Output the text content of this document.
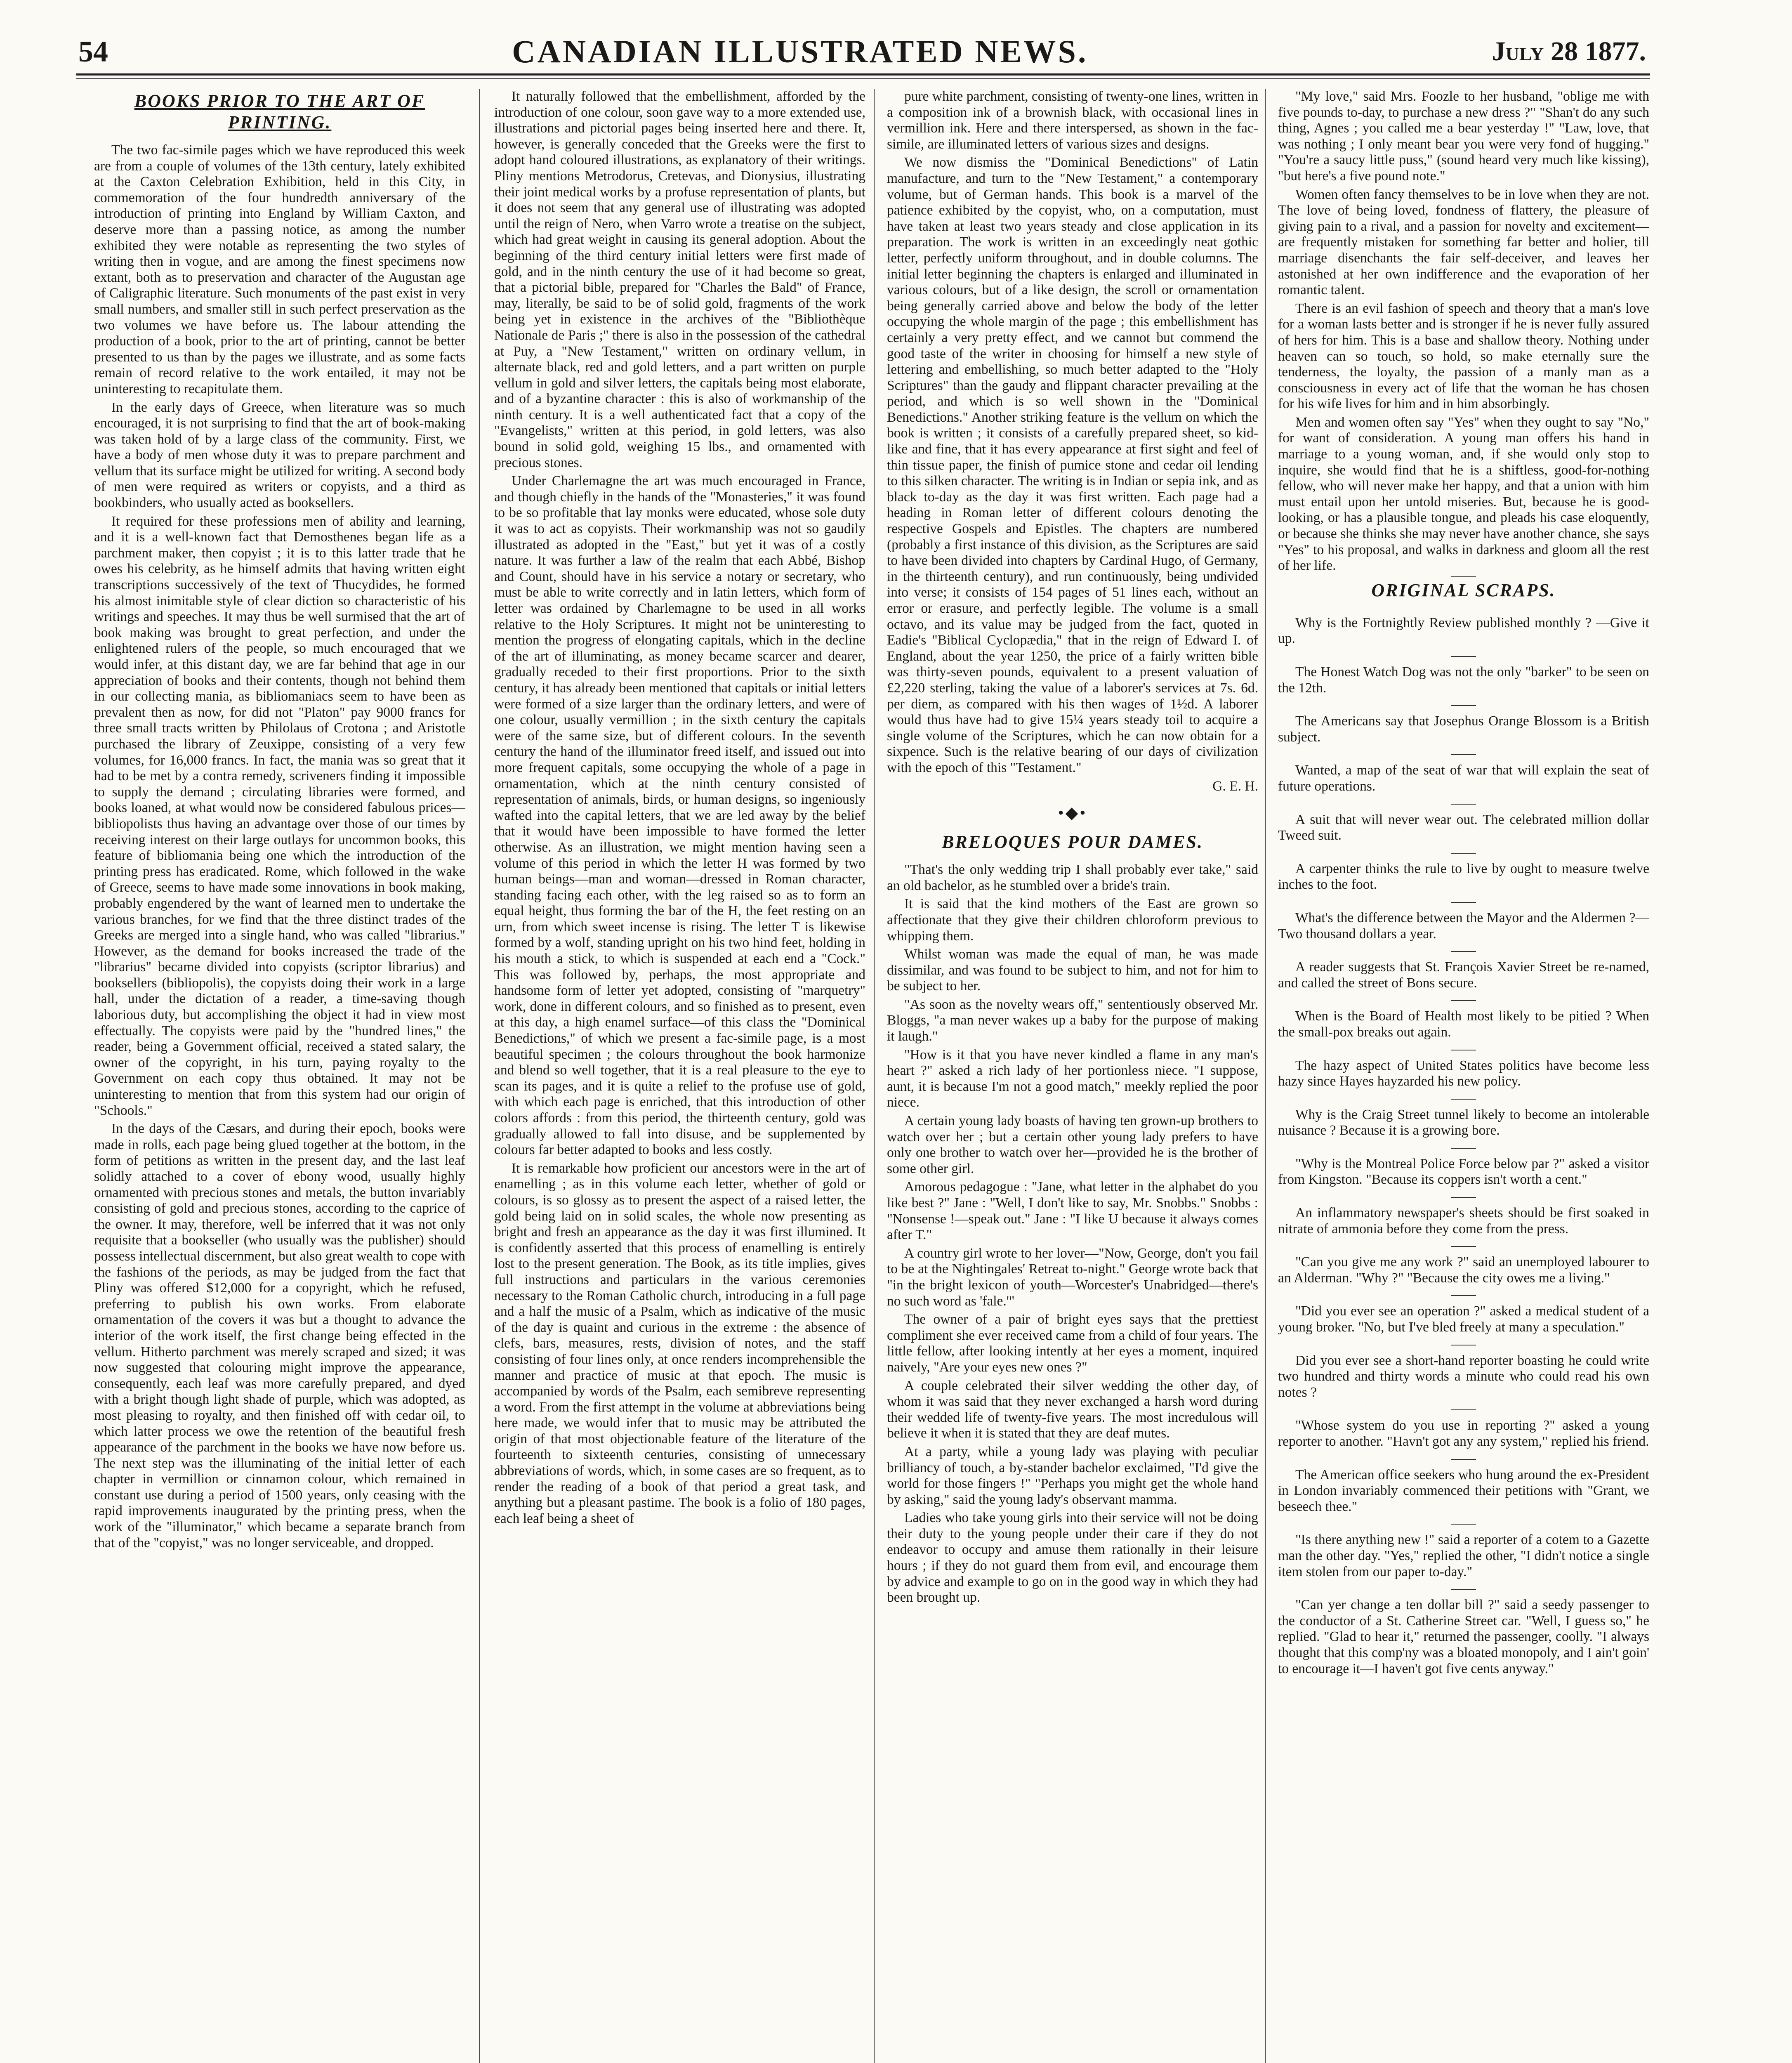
54	CANADIAN ILLUSTRATED NEWS.	July 28 1877.
BOOKS PRIOR TO THE ART OF PRINTING.

The two fac-simile pages which we have reproduced this week are from a couple of volumes of the 13th century, lately exhibited at the Caxton Celebration Exhibition, held in this City, in commemoration of the four hundredth anniversary of the introduction of printing into England by William Caxton, and deserve more than a passing notice, as among the number exhibited they were notable as representing the two styles of writing then in vogue, and are among the finest specimens now extant, both as to preservation and character of the Augustan age of Caligraphic literature. Such monuments of the past exist in very small numbers, and smaller still in such perfect preservation as the two volumes we have before us. The labour attending the production of a book, prior to the art of printing, cannot be better presented to us than by the pages we illustrate, and as some facts remain of record relative to the work entailed, it may not be uninteresting to recapitulate them.

In the early days of Greece, when literature was so much encouraged, it is not surprising to find that the art of book-making was taken hold of by a large class of the community. First, we have a body of men whose duty it was to prepare parchment and vellum that its surface might be utilized for writing. A second body of men were required as writers or copyists, and a third as bookbinders, who usually acted as booksellers.

It required for these professions men of ability and learning, and it is a well-known fact that Demosthenes began life as a parchment maker, then copyist ; it is to this latter trade that he owes his celebrity, as he himself admits that having written eight transcriptions successively of the text of Thucydides, he formed his almost inimitable style of clear diction so characteristic of his writings and speeches. It may thus be well surmised that the art of book making was brought to great perfection, and under the enlightened rulers of the people, so much encouraged that we would infer, at this distant day, we are far behind that age in our appreciation of books and their contents, though not behind them in our collecting mania, as bibliomaniacs seem to have been as prevalent then as now, for did not "Platon" pay 9000 francs for three small tracts written by Philolaus of Crotona ; and Aristotle purchased the library of Zeuxippe, consisting of a very few volumes, for 16,000 francs. In fact, the mania was so great that it had to be met by a contra remedy, scriveners finding it impossible to supply the demand ; circulating libraries were formed, and books loaned, at what would now be considered fabulous prices—bibliopolists thus having an advantage over those of our times by receiving interest on their large outlays for uncommon books, this feature of bibliomania being one which the introduction of the printing press has eradicated. Rome, which followed in the wake of Greece, seems to have made some innovations in book making, probably engendered by the want of learned men to undertake the various branches, for we find that the three distinct trades of the Greeks are merged into a single hand, who was called "librarius." However, as the demand for books increased the trade of the "librarius" became divided into copyists (scriptor librarius) and booksellers (bibliopolis), the copyists doing their work in a large hall, under the dictation of a reader, a time-saving though laborious duty, but accomplishing the object it had in view most effectually. The copyists were paid by the "hundred lines," the reader, being a Government official, received a stated salary, the owner of the copyright, in his turn, paying royalty to the Government on each copy thus obtained. It may not be uninteresting to mention that from this system had our origin of "Schools."

In the days of the Cæsars, and during their epoch, books were made in rolls, each page being glued together at the bottom, in the form of petitions as written in the present day, and the last leaf solidly attached to a cover of ebony wood, usually highly ornamented with precious stones and metals, the button invariably consisting of gold and precious stones, according to the caprice of the owner. It may, therefore, well be inferred that it was not only requisite that a bookseller (who usually was the publisher) should possess intellectual discernment, but also great wealth to cope with the fashions of the periods, as may be judged from the fact that Pliny was offered $12,000 for a copyright, which he refused, preferring to publish his own works. From elaborate ornamentation of the covers it was but a thought to advance the interior of the work itself, the first change being effected in the vellum. Hitherto parchment was merely scraped and sized; it was now suggested that colouring might improve the appearance, consequently, each leaf was more carefully prepared, and dyed with a bright though light shade of purple, which was adopted, as most pleasing to royalty, and then finished off with cedar oil, to which latter process we owe the retention of the beautiful fresh appearance of the parchment in the books we have now before us. The next step was the illuminating of the initial letter of each chapter in vermillion or cinnamon colour, which remained in constant use during a period of 1500 years, only ceasing with the rapid improvements inaugurated by the printing press, when the work of the "illuminator," which became a separate branch from that of the "copyist," was no longer serviceable, and dropped.

It naturally followed that the embellishment, afforded by the introduction of one colour, soon gave way to a more extended use, illustrations and pictorial pages being inserted here and there. It, however, is generally conceded that the Greeks were the first to adopt hand coloured illustrations, as explanatory of their writings. Pliny mentions Metrodorus, Cretevas, and Dionysius, illustrating their joint medical works by a profuse representation of plants, but it does not seem that any general use of illustrating was adopted until the reign of Nero, when Varro wrote a treatise on the subject, which had great weight in causing its general adoption. About the beginning of the third century initial letters were first made of gold, and in the ninth century the use of it had become so great, that a pictorial bible, prepared for "Charles the Bald" of France, may, literally, be said to be of solid gold, fragments of the work being yet in existence in the archives of the "Bibliothèque Nationale de Paris ;" there is also in the possession of the cathedral at Puy, a "New Testament," written on ordinary vellum, in alternate black, red and gold letters, and a part written on purple vellum in gold and silver letters, the capitals being most elaborate, and of a byzantine character : this is also of workmanship of the ninth century. It is a well authenticated fact that a copy of the "Evangelists," written at this period, in gold letters, was also bound in solid gold, weighing 15 lbs., and ornamented with precious stones.

Under Charlemagne the art was much encouraged in France, and though chiefly in the hands of the "Monasteries," it was found to be so profitable that lay monks were educated, whose sole duty it was to act as copyists. Their workmanship was not so gaudily illustrated as adopted in the "East," but yet it was of a costly nature. It was further a law of the realm that each Abbé, Bishop and Count, should have in his service a notary or secretary, who must be able to write correctly and in latin letters, which form of letter was ordained by Charlemagne to be used in all works relative to the Holy Scriptures. It might not be uninteresting to mention the progress of elongating capitals, which in the decline of the art of illuminating, as money became scarcer and dearer, gradually receded to their first proportions. Prior to the sixth century, it has already been mentioned that capitals or initial letters were formed of a size larger than the ordinary letters, and were of one colour, usually vermillion ; in the sixth century the capitals were of the same size, but of different colours. In the seventh century the hand of the illuminator freed itself, and issued out into more frequent capitals, some occupying the whole of a page in ornamentation, which at the ninth century consisted of representation of animals, birds, or human designs, so ingeniously wafted into the capital letters, that we are led away by the belief that it would have been impossible to have formed the letter otherwise. As an illustration, we might mention having seen a volume of this period in which the letter H was formed by two human beings—man and woman—dressed in Roman character, standing facing each other, with the leg raised so as to form an equal height, thus forming the bar of the H, the feet resting on an urn, from which sweet incense is rising. The letter T is likewise formed by a wolf, standing upright on his two hind feet, holding in his mouth a stick, to which is suspended at each end a "Cock." This was followed by, perhaps, the most appropriate and handsome form of letter yet adopted, consisting of "marquetry" work, done in different colours, and so finished as to present, even at this day, a high enamel surface—of this class the "Dominical Benedictions," of which we present a fac-simile page, is a most beautiful specimen ; the colours throughout the book harmonize and blend so well together, that it is a real pleasure to the eye to scan its pages, and it is quite a relief to the profuse use of gold, with which each page is enriched, that this introduction of other colors affords : from this period, the thirteenth century, gold was gradually allowed to fall into disuse, and be supplemented by colours far better adapted to books and less costly.

It is remarkable how proficient our ancestors were in the art of enamelling ; as in this volume each letter, whether of gold or colours, is so glossy as to present the aspect of a raised letter, the gold being laid on in solid scales, the whole now presenting as bright and fresh an appearance as the day it was first illumined. It is confidently asserted that this process of enamelling is entirely lost to the present generation. The Book, as its title implies, gives full instructions and particulars in the various ceremonies necessary to the Roman Catholic church, introducing in a full page and a half the music of a Psalm, which as indicative of the music of the day is quaint and curious in the extreme : the absence of clefs, bars, measures, rests, division of notes, and the staff consisting of four lines only, at once renders incomprehensible the manner and practice of music at that epoch. The music is accompanied by words of the Psalm, each semibreve representing a word. From the first attempt in the volume at abbreviations being here made, we would infer that to music may be attributed the origin of that most objectionable feature of the literature of the fourteenth to sixteenth centuries, consisting of unnecessary abbreviations of words, which, in some cases are so frequent, as to render the reading of a book of that period a great task, and anything but a pleasant pastime. The book is a folio of 180 pages, each leaf being a sheet of

pure white parchment, consisting of twenty-one lines, written in a composition ink of a brownish black, with occasional lines in vermillion ink. Here and there interspersed, as shown in the fac-simile, are illuminated letters of various sizes and designs.

We now dismiss the "Dominical Benedictions" of Latin manufacture, and turn to the "New Testament," a contemporary volume, but of German hands. This book is a marvel of the patience exhibited by the copyist, who, on a computation, must have taken at least two years steady and close application in its preparation. The work is written in an exceedingly neat gothic letter, perfectly uniform throughout, and in double columns. The initial letter beginning the chapters is enlarged and illuminated in various colours, but of a like design, the scroll or ornamentation being generally carried above and below the body of the letter occupying the whole margin of the page ; this embellishment has certainly a very pretty effect, and we cannot but commend the good taste of the writer in choosing for himself a new style of lettering and embellishing, so much better adapted to the "Holy Scriptures" than the gaudy and flippant character prevailing at the period, and which is so well shown in the "Dominical Benedictions." Another striking feature is the vellum on which the book is written ; it consists of a carefully prepared sheet, so kid-like and fine, that it has every appearance at first sight and feel of thin tissue paper, the finish of pumice stone and cedar oil lending to this silken character. The writing is in Indian or sepia ink, and as black to-day as the day it was first written. Each page had a heading in Roman letter of different colours denoting the respective Gospels and Epistles. The chapters are numbered (probably a first instance of this division, as the Scriptures are said to have been divided into chapters by Cardinal Hugo, of Germany, in the thirteenth century), and run continuously, being undivided into verse; it consists of 154 pages of 51 lines each, without an error or erasure, and perfectly legible. The volume is a small octavo, and its value may be judged from the fact, quoted in Eadie's "Biblical Cyclopædia," that in the reign of Edward I. of England, about the year 1250, the price of a fairly written bible was thirty-seven pounds, equivalent to a present valuation of £2,220 sterling, taking the value of a laborer's services at 7s. 6d. per diem, as compared with his then wages of 1½d. A laborer would thus have had to give 15¼ years steady toil to acquire a single volume of the Scriptures, which he can now obtain for a sixpence. Such is the relative bearing of our days of civilization with the epoch of this "Testament."

G. E. H.

•◆•
BRELOQUES POUR DAMES.

"That's the only wedding trip I shall probably ever take," said an old bachelor, as he stumbled over a bride's train.

It is said that the kind mothers of the East are grown so affectionate that they give their children chloroform previous to whipping them.

Whilst woman was made the equal of man, he was made dissimilar, and was found to be subject to him, and not for him to be subject to her.

"As soon as the novelty wears off," sententiously observed Mr. Bloggs, "a man never wakes up a baby for the purpose of making it laugh."

"How is it that you have never kindled a flame in any man's heart ?" asked a rich lady of her portionless niece. "I suppose, aunt, it is because I'm not a good match," meekly replied the poor niece.

A certain young lady boasts of having ten grown-up brothers to watch over her ; but a certain other young lady prefers to have only one brother to watch over her—provided he is the brother of some other girl.

Amorous pedagogue : "Jane, what letter in the alphabet do you like best ?" Jane : "Well, I don't like to say, Mr. Snobbs." Snobbs : "Nonsense !—speak out." Jane : "I like U because it always comes after T."

A country girl wrote to her lover—"Now, George, don't you fail to be at the Nightingales' Retreat to-night." George wrote back that "in the bright lexicon of youth—Worcester's Unabridged—there's no such word as 'fale.'"

The owner of a pair of bright eyes says that the prettiest compliment she ever received came from a child of four years. The little fellow, after looking intently at her eyes a moment, inquired naively, "Are your eyes new ones ?"

A couple celebrated their silver wedding the other day, of whom it was said that they never exchanged a harsh word during their wedded life of twenty-five years. The most incredulous will believe it when it is stated that they are deaf mutes.

At a party, while a young lady was playing with peculiar brilliancy of touch, a by-stander bachelor exclaimed, "I'd give the world for those fingers !" "Perhaps you might get the whole hand by asking," said the young lady's observant mamma.

Ladies who take young girls into their service will not be doing their duty to the young people under their care if they do not endeavor to occupy and amuse them rationally in their leisure hours ; if they do not guard them from evil, and encourage them by advice and example to go on in the good way in which they had been brought up.

"My love," said Mrs. Foozle to her husband, "oblige me with five pounds to-day, to purchase a new dress ?" "Shan't do any such thing, Agnes ; you called me a bear yesterday !" "Law, love, that was nothing ; I only meant bear you were very fond of hugging." "You're a saucy little puss," (sound heard very much like kissing), "but here's a five pound note."

Women often fancy themselves to be in love when they are not. The love of being loved, fondness of flattery, the pleasure of giving pain to a rival, and a passion for novelty and excitement—are frequently mistaken for something far better and holier, till marriage disenchants the fair self-deceiver, and leaves her astonished at her own indifference and the evaporation of her romantic talent.

There is an evil fashion of speech and theory that a man's love for a woman lasts better and is stronger if he is never fully assured of hers for him. This is a base and shallow theory. Nothing under heaven can so touch, so hold, so make eternally sure the tenderness, the loyalty, the passion of a manly man as a consciousness in every act of life that the woman he has chosen for his wife lives for him and in him absorbingly.

Men and women often say "Yes" when they ought to say "No," for want of consideration. A young man offers his hand in marriage to a young woman, and, if she would only stop to inquire, she would find that he is a shiftless, good-for-nothing fellow, who will never make her happy, and that a union with him must entail upon her untold miseries. But, because he is good-looking, or has a plausible tongue, and pleads his case eloquently, or because she thinks she may never have another chance, she says "Yes" to his proposal, and walks in darkness and gloom all the rest of her life.

ORIGINAL SCRAPS.

Why is the Fortnightly Review published monthly ? —Give it up.

The Honest Watch Dog was not the only "barker" to be seen on the 12th.

The Americans say that Josephus Orange Blossom is a British subject.

Wanted, a map of the seat of war that will explain the seat of future operations.

A suit that will never wear out. The celebrated million dollar Tweed suit.

A carpenter thinks the rule to live by ought to measure twelve inches to the foot.

What's the difference between the Mayor and the Aldermen ?—Two thousand dollars a year.

A reader suggests that St. François Xavier Street be re-named, and called the street of Bons secure.

When is the Board of Health most likely to be pitied ? When the small-pox breaks out again.

The hazy aspect of United States politics have become less hazy since Hayes hayzarded his new policy.

Why is the Craig Street tunnel likely to become an intolerable nuisance ? Because it is a growing bore.

"Why is the Montreal Police Force below par ?" asked a visitor from Kingston. "Because its coppers isn't worth a cent."

An inflammatory newspaper's sheets should be first soaked in nitrate of ammonia before they come from the press.

"Can you give me any work ?" said an unemployed labourer to an Alderman. "Why ?" "Because the city owes me a living."

"Did you ever see an operation ?" asked a medical student of a young broker. "No, but I've bled freely at many a speculation."

Did you ever see a short-hand reporter boasting he could write two hundred and thirty words a minute who could read his own notes ?

"Whose system do you use in reporting ?" asked a young reporter to another. "Havn't got any any system," replied his friend.

The American office seekers who hung around the ex-President in London invariably commenced their petitions with "Grant, we beseech thee."

"Is there anything new !" said a reporter of a cotem to a Gazette man the other day. "Yes," replied the other, "I didn't notice a single item stolen from our paper to-day."

"Can yer change a ten dollar bill ?" said a seedy passenger to the conductor of a St. Catherine Street car. "Well, I guess so," he replied. "Glad to hear it," returned the passenger, coolly. "I always thought that this comp'ny was a bloated monopoly, and I ain't goin' to encourage it—I haven't got five cents anyway."
